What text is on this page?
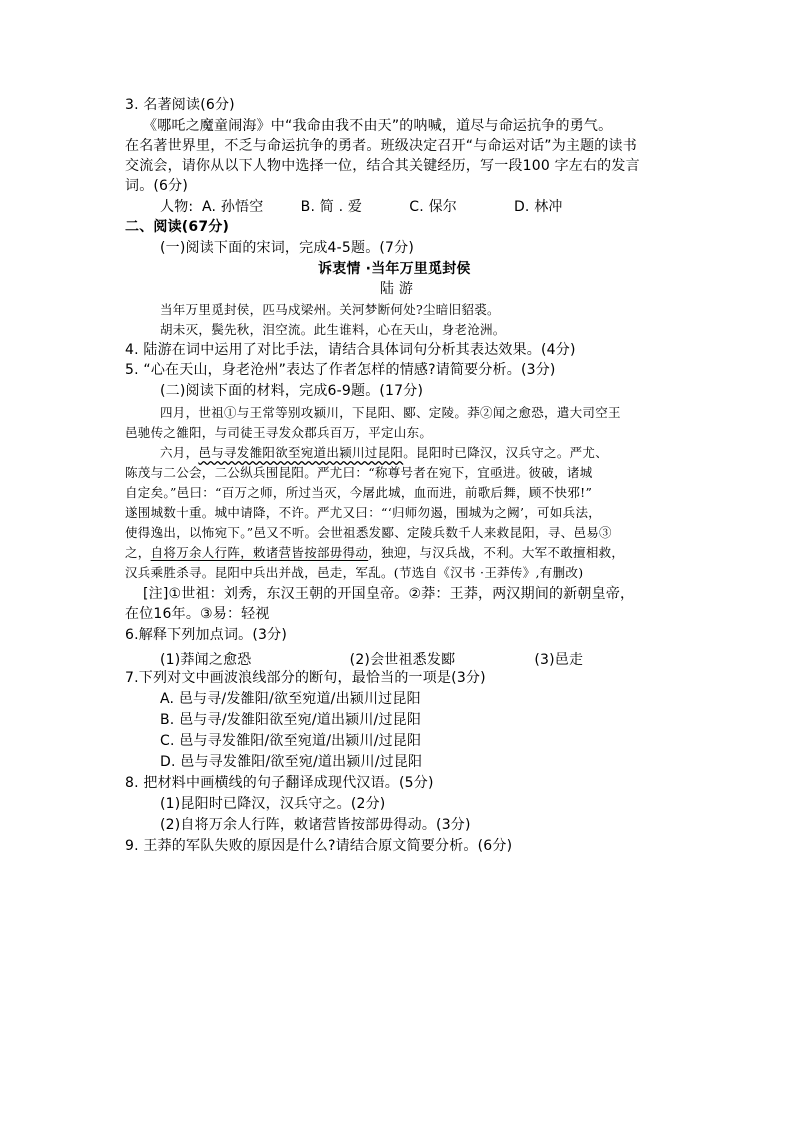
3. 名著阅读(6分)
《哪吒之魔童闹海》中“我命由我不由天”的呐喊，道尽与命运抗争的勇气。
在名著世界里，不乏与命运抗争的勇者。班级决定召开“与命运对话”为主题的读书
交流会，请你从以下人物中选择一位，结合其关键经历，写一段100 字左右的发言
词。(6分)
人物: A. 孙悟空	B. 简 . 爱	C. 保尔	D. 林冲
二、阅读(67分)
(一)阅读下面的宋词，完成4-5题。(7分)
诉衷情 ·当年万里觅封侯
陆 游
当年万里觅封侯，匹马戍梁州。关河梦断何处?尘暗旧貂裘。
胡未灭，鬓先秋，泪空流。此生谁料，心在天山，身老沧洲。
4. 陆游在词中运用了对比手法，请结合具体词句分析其表达效果。(4分)
5. “心在天山，身老沧州”表达了作者怎样的情感?请简要分析。(3分)
(二)阅读下面的材料，完成6-9题。(17分)
四月，世祖①与王常等别攻颍川，下昆阳、郾、定陵。莽②闻之愈恐，遣大司空王
邑驰传之雒阳，与司徒王寻发众郡兵百万，平定山东。
六月，邑与寻发雒阳欲至宛道出颍川过昆阳。昆阳时已降汉，汉兵守之。严尤、
陈茂与二公会，二公纵兵围昆阳。严尤曰：“称尊号者在宛下，宜亟进。彼破，诸城
自定矣。”邑曰：“百万之师，所过当灭，今屠此城，血而进，前歌后舞，顾不快邪!”
遂围城数十重。城中请降，不许。严尤又曰：“‘归师勿遏，围城为之阙’，可如兵法，
使得逸出，以怖宛下。”邑又不听。会世祖悉发郾、定陵兵数千人来救昆阳，寻、邑易③
之，自将万余人行阵，敕诸营皆按部毋得动，独迎，与汉兵战，不利。大军不敢擅相救，
汉兵乘胜杀寻。昆阳中兵出并战，邑走，军乱。(节选自《汉书 ·王莽传》,有删改)
[注]①世祖：刘秀，东汉王朝的开国皇帝。②莽：王莽，两汉期间的新朝皇帝，
在位16年。③易：轻视
6.解释下列加点词。(3分)
(1)莽闻之愈恐	(2)会世祖悉发郾	(3)邑走
7.下列对文中画波浪线部分的断句，最恰当的一项是(3分)
A. 邑与寻/发雒阳/欲至宛道/出颍川过昆阳
B. 邑与寻/发雒阳欲至宛/道出颍川/过昆阳
C. 邑与寻发雒阳/欲至宛道/出颍川/过昆阳
D. 邑与寻发雒阳/欲至宛/道出颍川/过昆阳
8. 把材料中画横线的句子翻译成现代汉语。(5分)
(1)昆阳时已降汉，汉兵守之。(2分)
(2)自将万余人行阵，敕诸营皆按部毋得动。(3分)
9. 王莽的军队失败的原因是什么?请结合原文简要分析。(6分)
